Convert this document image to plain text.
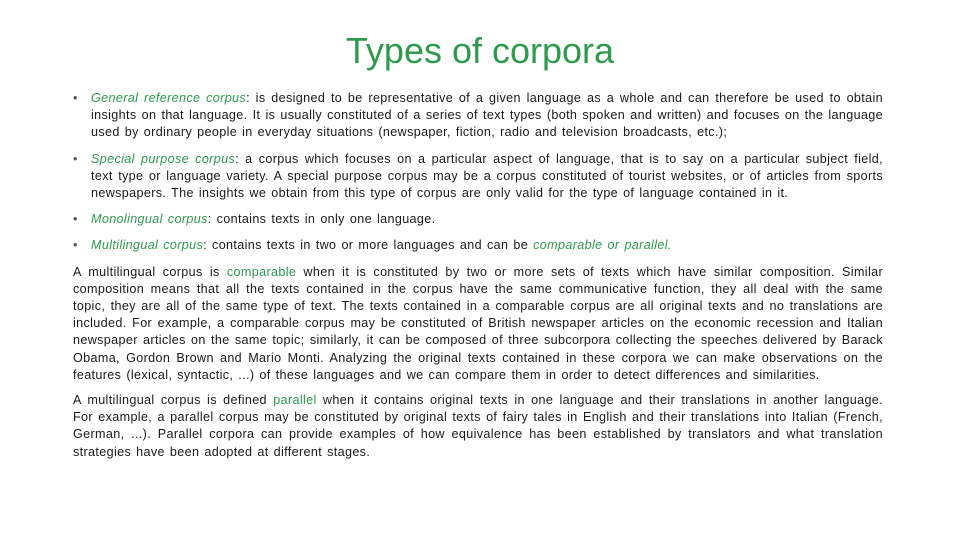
Types of corpora
• General reference corpus: is designed to be representative of a given language as a whole and can therefore be used to obtain insights on that language. It is usually constituted of a series of text types (both spoken and written) and focuses on the language used by ordinary people in everyday situations (newspaper, fiction, radio and television broadcasts, etc.);
• Special purpose corpus: a corpus which focuses on a particular aspect of language, that is to say on a particular subject field, text type or language variety. A special purpose corpus may be a corpus constituted of tourist websites, or of articles from sports newspapers. The insights we obtain from this type of corpus are only valid for the type of language contained in it.
• Monolingual corpus: contains texts in only one language.
• Multilingual corpus: contains texts in two or more languages and can be comparable or parallel.

A multilingual corpus is comparable when it is constituted by two or more sets of texts which have similar composition. Similar composition means that all the texts contained in the corpus have the same communicative function, they all deal with the same topic, they are all of the same type of text. The texts contained in a comparable corpus are all original texts and no translations are included. For example, a comparable corpus may be constituted of British newspaper articles on the economic recession and Italian newspaper articles on the same topic; similarly, it can be composed of three subcorpora collecting the speeches delivered by Barack Obama, Gordon Brown and Mario Monti. Analyzing the original texts contained in these corpora we can make observations on the features (lexical, syntactic, ...) of these languages and we can compare them in order to detect differences and similarities.

A multilingual corpus is defined parallel when it contains original texts in one language and their translations in another language. For example, a parallel corpus may be constituted by original texts of fairy tales in English and their translations into Italian (French, German, ...). Parallel corpora can provide examples of how equivalence has been established by translators and what translation strategies have been adopted at different stages.
